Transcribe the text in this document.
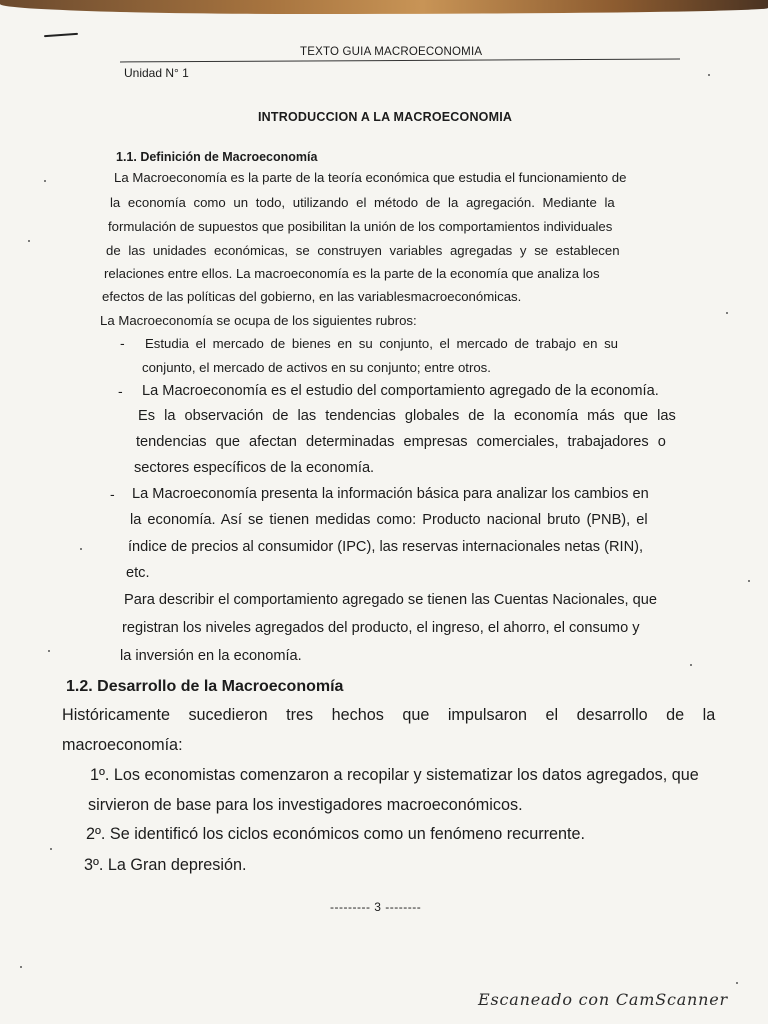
TEXTO GUIA MACROECONOMIA
Unidad N° 1
INTRODUCCION A LA MACROECONOMIA
1.1. Definición de Macroeconomía
La Macroeconomía es la parte de la teoría económica que estudia el funcionamiento de
la economía como un todo, utilizando el método de la agregación. Mediante la
formulación de supuestos que posibilitan la unión de los comportamientos individuales
de las unidades económicas, se construyen variables agregadas y se establecen
relaciones entre ellos. La macroeconomía es la parte de la economía que analiza los
efectos de las políticas del gobierno, en las variablesmacroeconómicas.
La Macroeconomía se ocupa de los siguientes rubros:
- Estudia el mercado de bienes en su conjunto, el mercado de trabajo en su
conjunto, el mercado de activos en su conjunto; entre otros.
- La Macroeconomía es el estudio del comportamiento agregado de la economía.
Es la observación de las tendencias globales de la economía más que las
tendencias que afectan determinadas empresas comerciales, trabajadores o
sectores específicos de la economía.
- La Macroeconomía presenta la información básica para analizar los cambios en
la economía. Así se tienen medidas como: Producto nacional bruto (PNB), el
índice de precios al consumidor (IPC), las reservas internacionales netas (RIN),
etc.
Para describir el comportamiento agregado se tienen las Cuentas Nacionales, que
registran los niveles agregados del producto, el ingreso, el ahorro, el consumo y
la inversión en la economía.
1.2. Desarrollo de la Macroeconomía
Históricamente sucedieron tres hechos que impulsaron el desarrollo de la
macroeconomía:
1º. Los economistas comenzaron a recopilar y sistematizar los datos agregados, que
sirvieron de base para los investigadores macroeconómicos.
2º. Se identificó los ciclos económicos como un fenómeno recurrente.
3º. La Gran depresión.
--------- 3 --------
Escaneado con CamScanner
